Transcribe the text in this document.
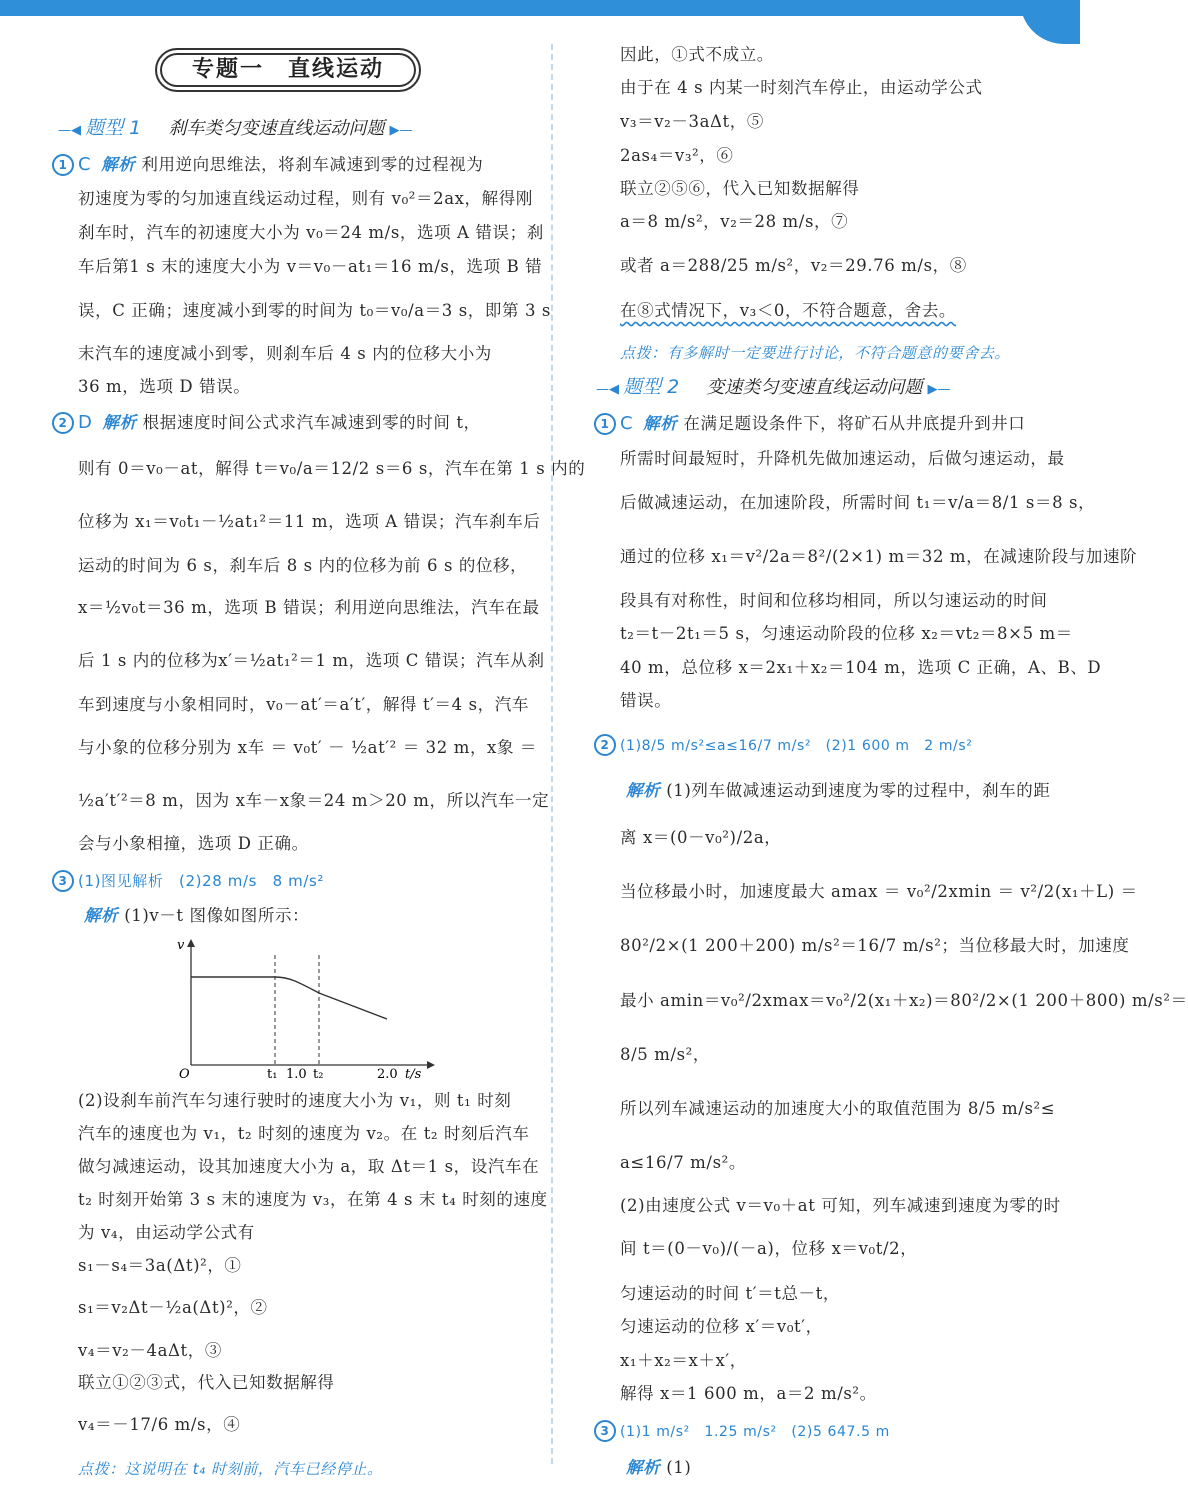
专题一　直线运动
—◀ 题型 1 刹车类匀变速直线运动问题 ▶—
1 C 解析 利用逆向思维法，将刹车减速到零的过程视为
初速度为零的匀加速直线运动过程，则有 v₀²＝2ax，解得刚
刹车时，汽车的初速度大小为 v₀＝24 m/s，选项 A 错误；刹
车后第1 s 末的速度大小为 v＝v₀－at₁＝16 m/s，选项 B 错
误，C 正确；速度减小到零的时间为 t₀＝v₀/a＝3 s，即第 3 s
末汽车的速度减小到零，则刹车后 4 s 内的位移大小为
36 m，选项 D 错误。
2 D 解析 根据速度时间公式求汽车减速到零的时间 t，
则有 0＝v₀－at，解得 t＝v₀/a＝12/2 s＝6 s，汽车在第 1 s 内的
位移为 x₁＝v₀t₁－½at₁²＝11 m，选项 A 错误；汽车刹车后
运动的时间为 6 s，刹车后 8 s 内的位移为前 6 s 的位移，
x＝½v₀t＝36 m，选项 B 错误；利用逆向思维法，汽车在最
后 1 s 内的位移为x′＝½at₁²＝1 m，选项 C 错误；汽车从刹
车到速度与小象相同时，v₀－at′＝a′t′，解得 t′＝4 s，汽车
与小象的位移分别为 x车 ＝ v₀t′ － ½at′² ＝ 32 m，x象 ＝
½a′t′²＝8 m，因为 x车－x象＝24 m＞20 m，所以汽车一定
会与小象相撞，选项 D 正确。
3 (1)图见解析　(2)28 m/s　8 m/s²
解析 (1)v－t 图像如图所示：
(2)设刹车前汽车匀速行驶时的速度大小为 v₁，则 t₁ 时刻
汽车的速度也为 v₁，t₂ 时刻的速度为 v₂。在 t₂ 时刻后汽车
做匀减速运动，设其加速度大小为 a，取 Δt＝1 s，设汽车在
t₂ 时刻开始第 3 s 末的速度为 v₃，在第 4 s 末 t₄ 时刻的速度
为 v₄，由运动学公式有
s₁－s₄＝3a(Δt)²，①
s₁＝v₂Δt－½a(Δt)²，②
v₄＝v₂－4aΔt，③
联立①②③式，代入已知数据解得
v₄＝－17/6 m/s，④
点拨：这说明在 t₄ 时刻前，汽车已经停止。
v
O	t₁ 1.0 t₂	2.0 t/s
因此，①式不成立。
由于在 4 s 内某一时刻汽车停止，由运动学公式
v₃＝v₂－3aΔt，⑤
2as₄＝v₃²，⑥
联立②⑤⑥，代入已知数据解得
a＝8 m/s²，v₂＝28 m/s，⑦
或者 a＝288/25 m/s²，v₂＝29.76 m/s，⑧
在⑧式情况下，v₃＜0，不符合题意，舍去。
点拨：有多解时一定要进行讨论，不符合题意的要舍去。
—◀ 题型 2 变速类匀变速直线运动问题 ▶—
1 C 解析 在满足题设条件下，将矿石从井底提升到井口
所需时间最短时，升降机先做加速运动，后做匀速运动，最
后做减速运动，在加速阶段，所需时间 t₁＝v/a＝8/1 s＝8 s，
通过的位移 x₁＝v²/2a＝8²/(2×1) m＝32 m，在减速阶段与加速阶
段具有对称性，时间和位移均相同，所以匀速运动的时间
t₂＝t－2t₁＝5 s，匀速运动阶段的位移 x₂＝vt₂＝8×5 m＝
40 m，总位移 x＝2x₁＋x₂＝104 m，选项 C 正确，A、B、D
错误。
2 (1)8/5 m/s²≤a≤16/7 m/s²　(2)1 600 m　2 m/s²
解析 (1)列车做减速运动到速度为零的过程中，刹车的距
离 x＝(0－v₀²)/2a，
当位移最小时，加速度最大 amax ＝ v₀²/2xmin ＝ v²/2(x₁＋L) ＝
80²/2×(1 200＋200) m/s²＝16/7 m/s²；当位移最大时，加速度
最小 amin＝v₀²/2xmax＝v₀²/2(x₁＋x₂)＝80²/2×(1 200＋800) m/s²＝
8/5 m/s²，
所以列车减速运动的加速度大小的取值范围为 8/5 m/s²≤
a≤16/7 m/s²。
(2)由速度公式 v＝v₀＋at 可知，列车减速到速度为零的时
间 t＝(0－v₀)/(－a)，位移 x＝v₀t/2，
匀速运动的时间 t′＝t总－t，
匀速运动的位移 x′＝v₀t′，
x₁＋x₂＝x＋x′，
解得 x＝1 600 m，a＝2 m/s²。
3 (1)1 m/s²　1.25 m/s²　(2)5 647.5 m
解析 (1)
